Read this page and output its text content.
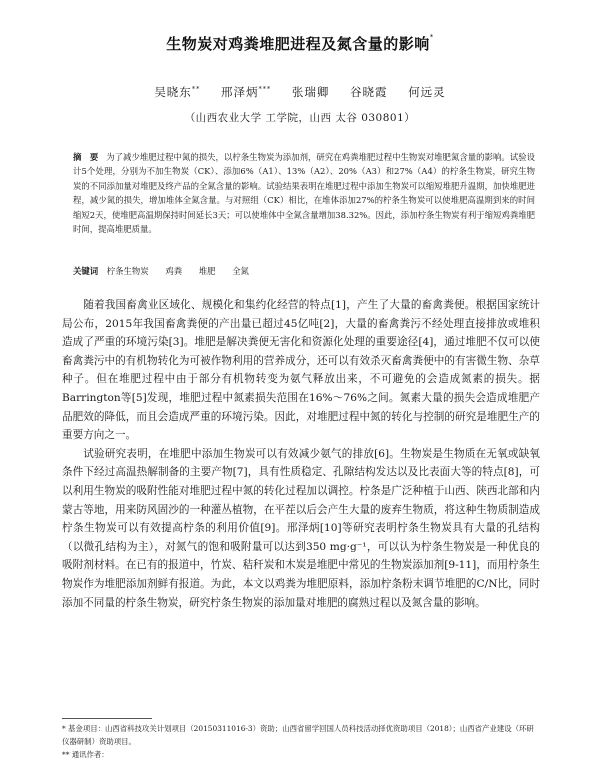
生物炭对鸡粪堆肥进程及氮含量的影响*
吴晓东** 邢泽炳*** 张瑞卿 谷晓霞 何远灵
（山西农业大学 工学院，山西 太谷 030801）
摘　要 为了减少堆肥过程中氮的损失，以柠条生物炭为添加剂，研究在鸡粪堆肥过程中生物炭对堆肥氮含量的影响。试验设计5个处理，分别为不加生物炭（CK）、添加6%（A1）、13%（A2）、20%（A3）和27%（A4）的柠条生物炭，研究生物炭的不同添加量对堆肥及终产品的全氮含量的影响。试验结果表明在堆肥过程中添加生物炭可以缩短堆肥升温期，加快堆肥进程，减少氮的损失，增加堆体全氮含量。与对照组（CK）相比，在堆体添加27%的柠条生物炭可以使堆肥高温期到来的时间缩短2天，使堆肥高温期保持时间延长3天；可以使堆体中全氮含量增加38.32%。因此，添加柠条生物炭有利于缩短鸡粪堆肥时间，提高堆肥质量。
关键词 柠条生物炭 鸡粪 堆肥 全氮

随着我国畜禽业区域化、规模化和集约化经营的特点[1]，产生了大量的畜禽粪便。根据国家统计局公布，2015年我国畜禽粪便的产出量已超过45亿吨[2]，大量的畜禽粪污不经处理直接排放或堆积造成了严重的环境污染[3]。堆肥是解决粪便无害化和资源化处理的重要途径[4]，通过堆肥不仅可以使畜禽粪污中的有机物转化为可被作物利用的营养成分，还可以有效杀灭畜禽粪便中的有害微生物、杂草种子。但在堆肥过程中由于部分有机物转变为氨气释放出来，不可避免的会造成氮素的损失。据Barrington等[5]发现，堆肥过程中氮素损失范围在16%～76%之间。氮素大量的损失会造成堆肥产品肥效的降低，而且会造成严重的环境污染。因此，对堆肥过程中氮的转化与控制的研究是堆肥生产的重要方向之一。

试验研究表明，在堆肥中添加生物炭可以有效减少氨气的排放[6]。生物炭是生物质在无氧或缺氧条件下经过高温热解制备的主要产物[7]，具有性质稳定、孔隙结构发达以及比表面大等的特点[8]，可以利用生物炭的吸附性能对堆肥过程中氮的转化过程加以调控。柠条是广泛种植于山西、陕西北部和内蒙古等地，用来防风固沙的一种灌丛植物，在平茬以后会产生大量的废弃生物质，将这种生物质制造成柠条生物炭可以有效提高柠条的利用价值[9]。邢泽炳[10]等研究表明柠条生物炭具有大量的孔结构（以微孔结构为主），对氮气的饱和吸附量可以达到350 mg·g⁻¹，可以认为柠条生物炭是一种优良的吸附剂材料。在已有的报道中，竹炭、秸秆炭和木炭是堆肥中常见的生物炭添加剂[9-11]，而用柠条生物炭作为堆肥添加剂鲜有报道。为此，本文以鸡粪为堆肥原料，添加柠条粉末调节堆肥的C/N比，同时添加不同量的柠条生物炭，研究柠条生物炭的添加量对堆肥的腐熟过程以及氮含量的影响。

* 基金项目：山西省科技攻关计划项目（20150311016-3）资助；山西省留学回国人员科技活动择优资助项目（2018）；山西省产业建设（环研仪器研制）资助项目。

** 通讯作者：
